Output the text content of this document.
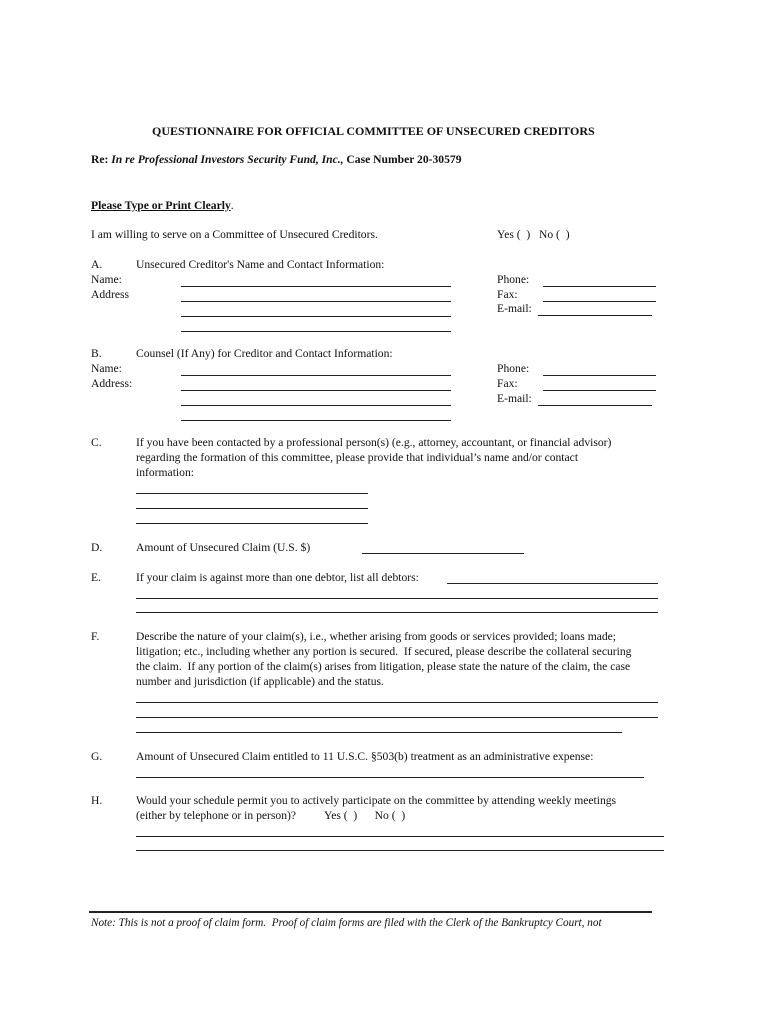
QUESTIONNAIRE FOR OFFICIAL COMMITTEE OF UNSECURED CREDITORS
Re: In re Professional Investors Security Fund, Inc., Case Number 20-30579
Please Type or Print Clearly.
I am willing to serve on a Committee of Unsecured Creditors.	Yes (  )   No (  )
A.	Unsecured Creditor's Name and Contact Information:
Name:
Address
Phone:
Fax:
E-mail:
B.	Counsel (If Any) for Creditor and Contact Information:
Name:
Address:
Phone:
Fax:
E-mail:
C.	If you have been contacted by a professional person(s) (e.g., attorney, accountant, or financial advisor)
regarding the formation of this committee, please provide that individual’s name and/or contact
information:
D.	Amount of Unsecured Claim (U.S. $)
E.	If your claim is against more than one debtor, list all debtors:
F.	Describe the nature of your claim(s), i.e., whether arising from goods or services provided; loans made;
litigation; etc., including whether any portion is secured.  If secured, please describe the collateral securing
the claim.  If any portion of the claim(s) arises from litigation, please state the nature of the claim, the case
number and jurisdiction (if applicable) and the status.
G.	Amount of Unsecured Claim entitled to 11 U.S.C. §503(b) treatment as an administrative expense:
H.	Would your schedule permit you to actively participate on the committee by attending weekly meetings
(either by telephone or in person)? Yes (  )      No (  )
Note: This is not a proof of claim form.  Proof of claim forms are filed with the Clerk of the Bankruptcy Court, not
